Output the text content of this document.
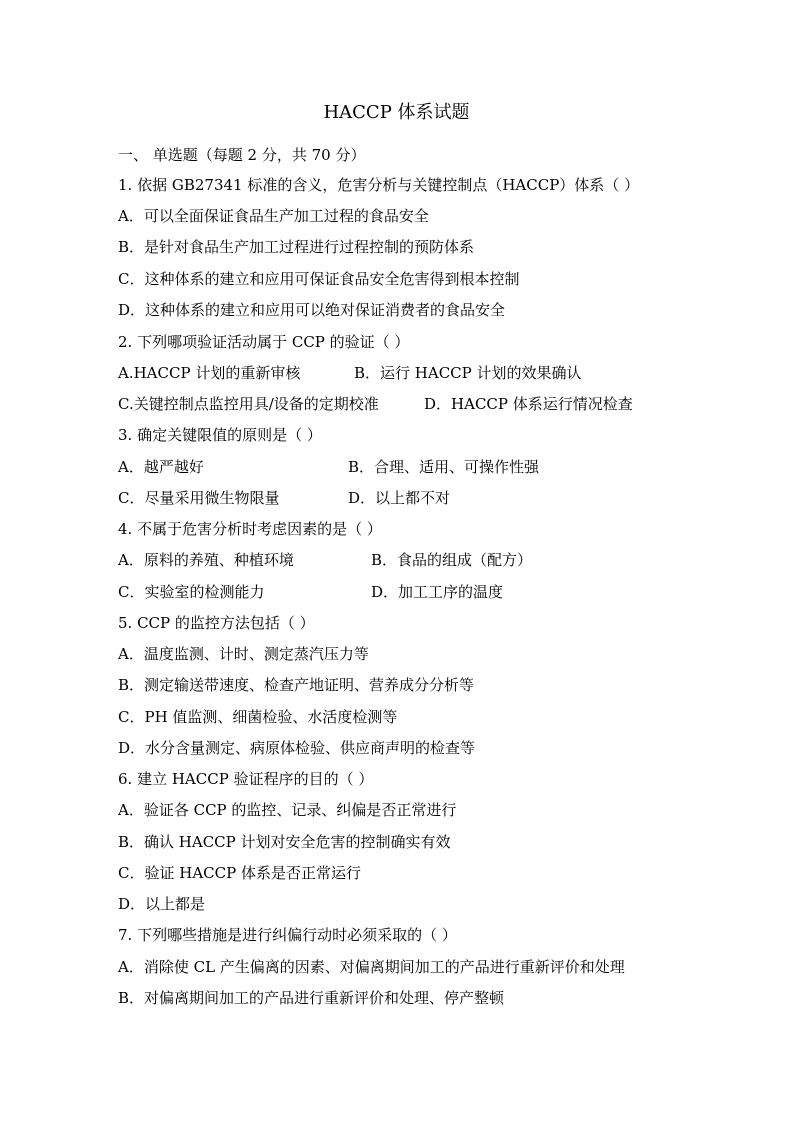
HACCP 体系试题
一、 单选题（每题 2 分，共 70 分）
1. 依据 GB27341 标准的含义，危害分析与关键控制点（HACCP）体系（ ）
A．可以全面保证食品生产加工过程的食品安全
B．是针对食品生产加工过程进行过程控制的预防体系
C．这种体系的建立和应用可保证食品安全危害得到根本控制
D．这种体系的建立和应用可以绝对保证消费者的食品安全
2. 下列哪项验证活动属于 CCP 的验证（ ）
A.HACCP 计划的重新审核	B．运行 HACCP 计划的效果确认
C.关键控制点监控用具/设备的定期校准	D．HACCP 体系运行情况检查
3. 确定关键限值的原则是（ ）
A．越严越好	B．合理、适用、可操作性强
C．尽量采用微生物限量	D．以上都不对
4. 不属于危害分析时考虑因素的是（ ）
A．原料的养殖、种植环境	B．食品的组成（配方）
C．实验室的检测能力	D．加工工序的温度
5. CCP 的监控方法包括（ ）
A．温度监测、计时、测定蒸汽压力等
B．测定输送带速度、检查产地证明、营养成分分析等
C．PH 值监测、细菌检验、水活度检测等
D．水分含量测定、病原体检验、供应商声明的检查等
6. 建立 HACCP 验证程序的目的（ ）
A．验证各 CCP 的监控、记录、纠偏是否正常进行
B．确认 HACCP 计划对安全危害的控制确实有效
C．验证 HACCP 体系是否正常运行
D．以上都是
7. 下列哪些措施是进行纠偏行动时必须采取的（ ）
A．消除使 CL 产生偏离的因素、对偏离期间加工的产品进行重新评价和处理
B．对偏离期间加工的产品进行重新评价和处理、停产整顿
